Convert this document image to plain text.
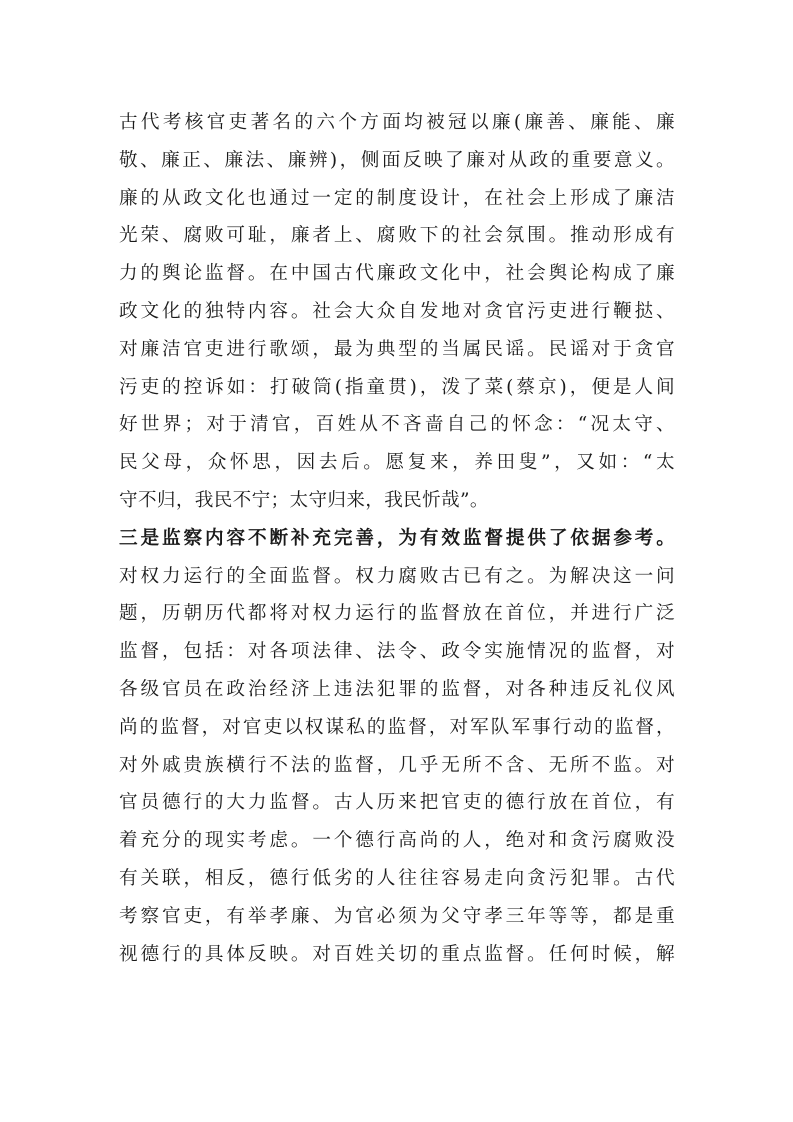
古代考核官吏著名的六个方面均被冠以廉(廉善、廉能、廉
敬、廉正、廉法、廉辨)，侧面反映了廉对从政的重要意义。
廉的从政文化也通过一定的制度设计，在社会上形成了廉洁
光荣、腐败可耻，廉者上、腐败下的社会氛围。推动形成有
力的舆论监督。在中国古代廉政文化中，社会舆论构成了廉
政文化的独特内容。社会大众自发地对贪官污吏进行鞭挞、
对廉洁官吏进行歌颂，最为典型的当属民谣。民谣对于贪官
污吏的控诉如：打破筒(指童贯)，泼了菜(蔡京)，便是人间
好世界；对于清官，百姓从不吝啬自己的怀念：“况太守、
民父母，众怀思，因去后。愿复来，养田叟”，又如：“太
守不归，我民不宁；太守归来，我民忻哉”。
三是监察内容不断补充完善，为有效监督提供了依据参考。
对权力运行的全面监督。权力腐败古已有之。为解决这一问
题，历朝历代都将对权力运行的监督放在首位，并进行广泛
监督，包括：对各项法律、法令、政令实施情况的监督，对
各级官员在政治经济上违法犯罪的监督，对各种违反礼仪风
尚的监督，对官吏以权谋私的监督，对军队军事行动的监督，
对外戚贵族横行不法的监督，几乎无所不含、无所不监。对
官员德行的大力监督。古人历来把官吏的德行放在首位，有
着充分的现实考虑。一个德行高尚的人，绝对和贪污腐败没
有关联，相反，德行低劣的人往往容易走向贪污犯罪。古代
考察官吏，有举孝廉、为官必须为父守孝三年等等，都是重
视德行的具体反映。对百姓关切的重点监督。任何时候，解
